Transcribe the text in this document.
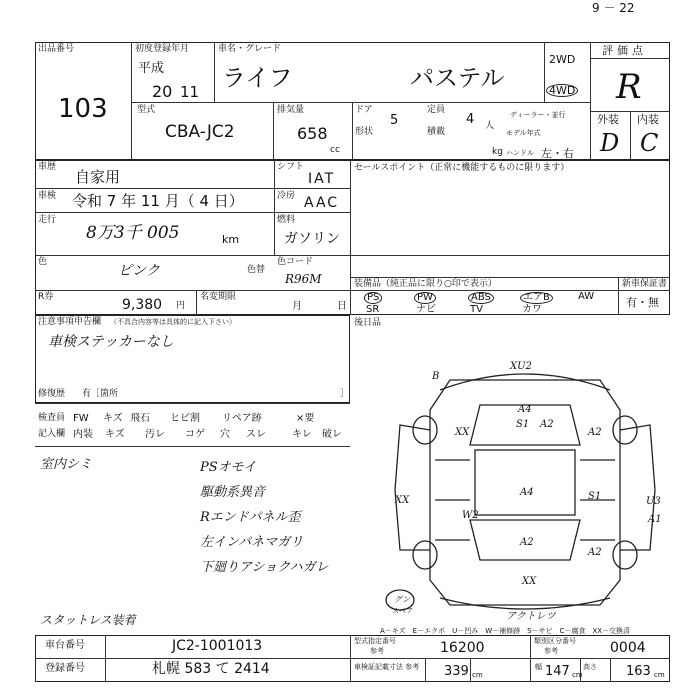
9 － 22
出品番号
103
初度登録年月
平成
20 11
車名・グレード
ライフ	パステル
2WD
4WD
評価点
R
外装 内装
D C
型式
CBA-JC2
排気量
658
cc
ドア
5
形状
定員
4 人
積載
kg
ディーラー・並行
モデル年式
ハンドル 左・右
車歴
自家用
車検 令和 7 年 11 月（ 4 日）
走行
8万3千 005	km
シフト
IAT
冷房 AAC
燃料
ガソリン
セールスポイント（正常に機能するものに限ります）
色
ピンク	色替
色コード
R96M
R券	9,380 円
名変期限
月	日
装備品（純正品に限り○印で表示）	新車保証書
有・無
PS
SR
PW
ナビ
ABS
TV
エアB
カワ
AW
注意事項申告欄 （不具合内容等は具体的に記入下さい）
車検ステッカーなし
修復歴 有［箇所	］
後日品
検査員
記入欄
FW
内装
キズ 飛石 ヒビ割 リペア跡	×要
キズ 汚レ コゲ 穴 スレ	キレ 破レ
室内シミ	PSオモイ
駆動系異音
Rエンドパネル歪
左インパネマガリ
下廻りアショクハガレ
スタットレス装着
B
XU2
A4
S1
A4	S1
A2
A2
A2
U3
A1
W2
XX
XX
XX
A2
スペア
グン
アクトレツ
A－キズ　E－エクボ　U－凹み　W－補修跡　S－サビ　C－腐食　XX－交換済
車台番号	JC2-1001013
登録番号	札幌 583 て 2414
型式指定番号
参考	16200	類別区分番号
参考	0004
車検証記載寸法 参考 339 cm
幅 147 cm
高さ 163 cm
